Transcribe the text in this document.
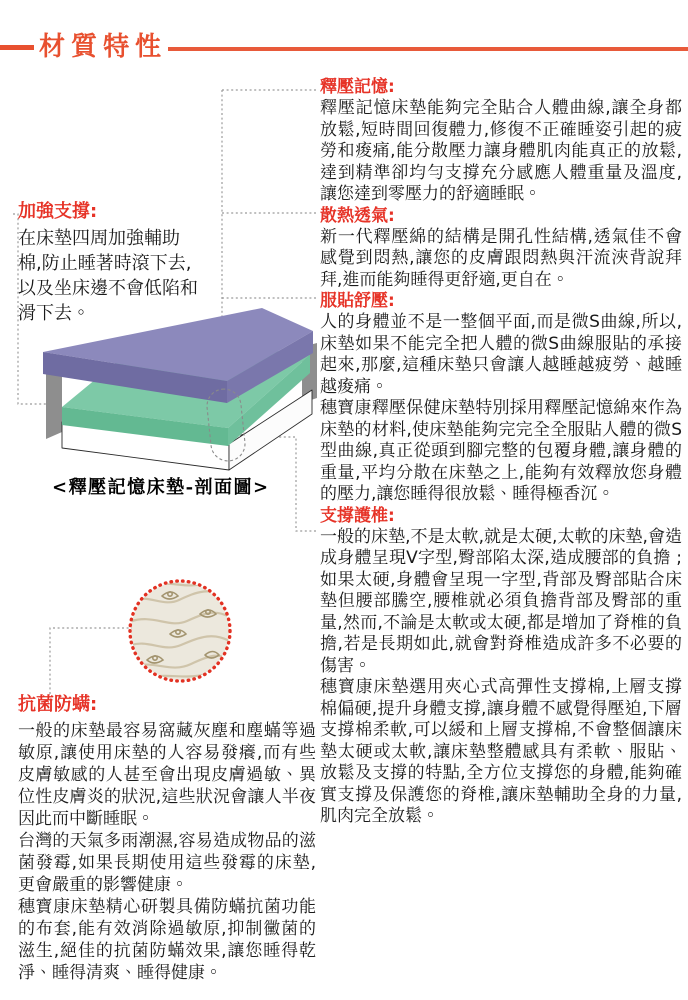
材質特性
加強支撐:

在床墊四周加強輔助棉,防止睡著時滾下去, 以及坐床邊不會低陷和滑下去。

<釋壓記憶床墊-剖面圖>
抗菌防螨:

一般的床墊最容易窩藏灰塵和塵蟎等過敏原,讓使用床墊的人容易發癢,而有些皮膚敏感的人甚至會出現皮膚過敏、異位性皮膚炎的狀況,這些狀況會讓人半夜因此而中斷睡眠。

台灣的天氣多雨潮濕,容易造成物品的滋菌發霉,如果長期使用這些發霉的床墊,更會嚴重的影響健康。

穗寶康床墊精心研製具備防蟎抗菌功能的布套,能有效消除過敏原,抑制黴菌的滋生,絕佳的抗菌防蟎效果,讓您睡得乾淨、睡得清爽、睡得健康。

釋壓記憶:

釋壓記憶床墊能夠完全貼合人體曲線,讓全身都放鬆,短時間回復體力,修復不正確睡姿引起的疲勞和痠痛,能分散壓力讓身體肌肉能真正的放鬆,達到精準卻均勻支撐充分感應人體重量及溫度,讓您達到零壓力的舒適睡眠。

散熱透氣:

新一代釋壓綿的結構是開孔性結構,透氣佳不會感覺到悶熱,讓您的皮膚跟悶熱與汗流浹背說拜拜,進而能夠睡得更舒適,更自在。

服貼舒壓:

人的身體並不是一整個平面,而是微S曲線,所以,床墊如果不能完全把人體的微S曲線服貼的承接起來,那麼,這種床墊只會讓人越睡越疲勞、越睡越痠痛。

穗寶康釋壓保健床墊特別採用釋壓記憶綿來作為床墊的材料,使床墊能夠完完全全服貼人體的微S型曲線,真正從頭到腳完整的包覆身體,讓身體的重量,平均分散在床墊之上,能夠有效釋放您身體的壓力,讓您睡得很放鬆、睡得極香沉。

支撐護椎:

一般的床墊,不是太軟,就是太硬,太軟的床墊,會造成身體呈現V字型,臀部陷太深,造成腰部的負擔 ;如果太硬,身體會呈現一字型,背部及臀部貼合床墊但腰部騰空,腰椎就必須負擔背部及臀部的重量,然而,不論是太軟或太硬,都是增加了脊椎的負擔,若是長期如此,就會對脊椎造成許多不必要的傷害。

穗寶康床墊選用夾心式高彈性支撐棉,上層支撐棉偏硬,提升身體支撐,讓身體不感覺得壓迫,下層支撐棉柔軟,可以緩和上層支撐棉,不會整個讓床墊太硬或太軟,讓床墊整體感具有柔軟、服貼、放鬆及支撐的特點,全方位支撐您的身體,能夠確實支撐及保護您的脊椎,讓床墊輔助全身的力量,肌肉完全放鬆。
